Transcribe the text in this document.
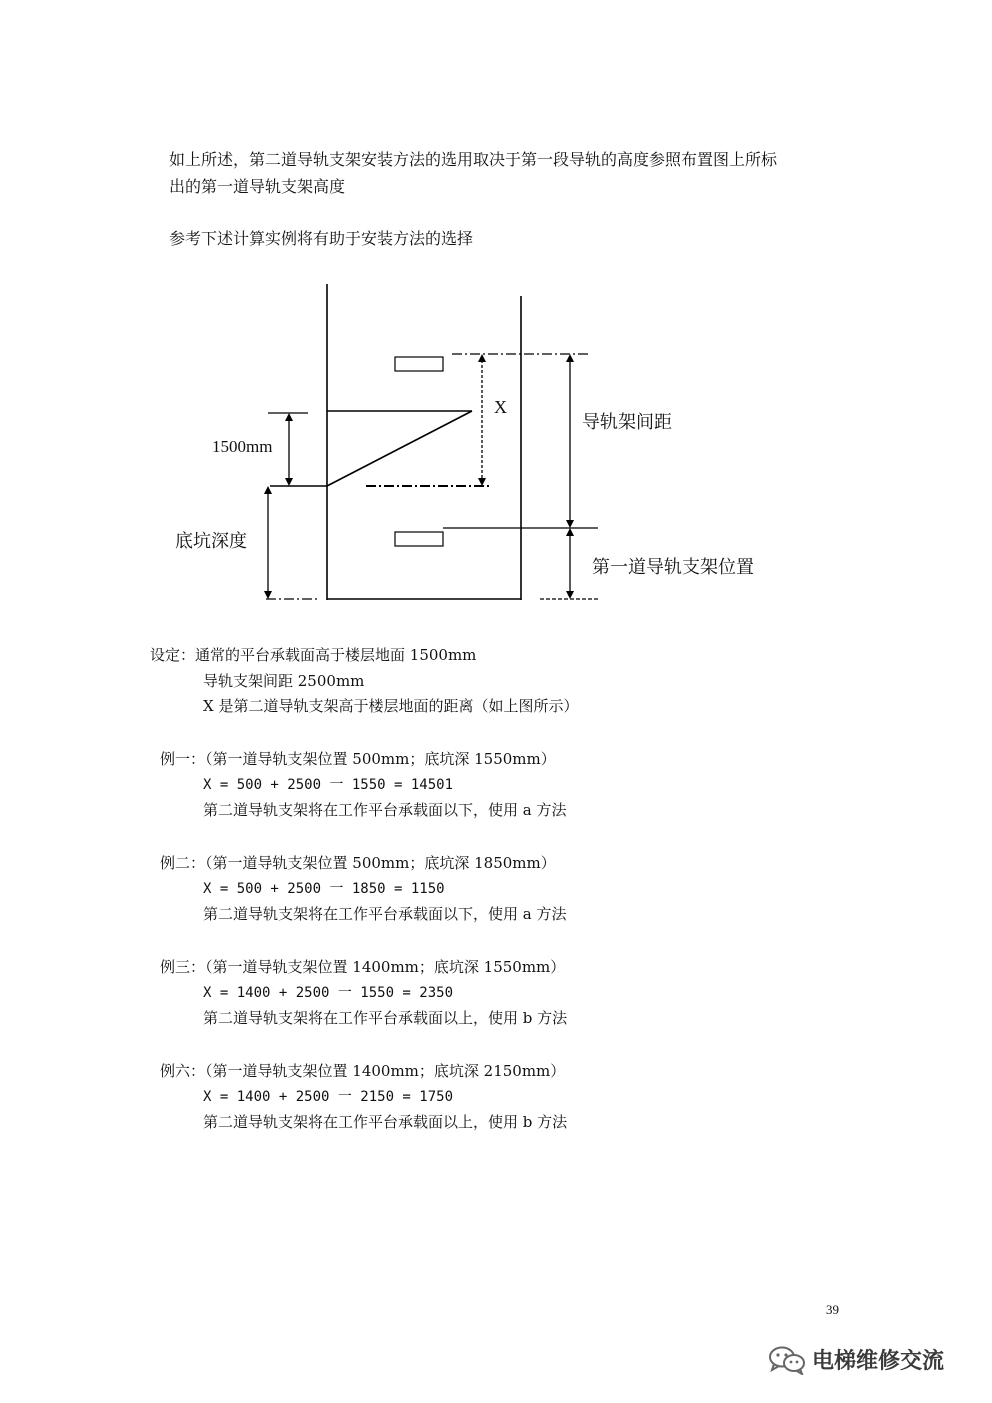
如上所述，第二道导轨支架安装方法的选用取决于第一段导轨的高度参照布置图上所标
出的第一道导轨支架高度
参考下述计算实例将有助于安装方法的选择
X
导轨架间距
1500mm
底坑深度
第一道导轨支架位置
设定：通常的平台承载面高于楼层地面 1500mm
导轨支架间距 2500mm
X 是第二道导轨支架高于楼层地面的距离（如上图所示）
例一：（第一道导轨支架位置 500mm；底坑深 1550mm）
X = 500 + 2500 一 1550 = 14501
第二道导轨支架将在工作平台承载面以下，使用 a 方法
例二：（第一道导轨支架位置 500mm；底坑深 1850mm）
X = 500 + 2500 一 1850 = 1150
第二道导轨支架将在工作平台承载面以下，使用 a 方法
例三：（第一道导轨支架位置 1400mm；底坑深 1550mm）
X = 1400 + 2500 一 1550 = 2350
第二道导轨支架将在工作平台承载面以上，使用 b 方法
例六：（第一道导轨支架位置 1400mm；底坑深 2150mm）
X = 1400 + 2500 一 2150 = 1750
第二道导轨支架将在工作平台承载面以上，使用 b 方法
39
电梯维修交流
